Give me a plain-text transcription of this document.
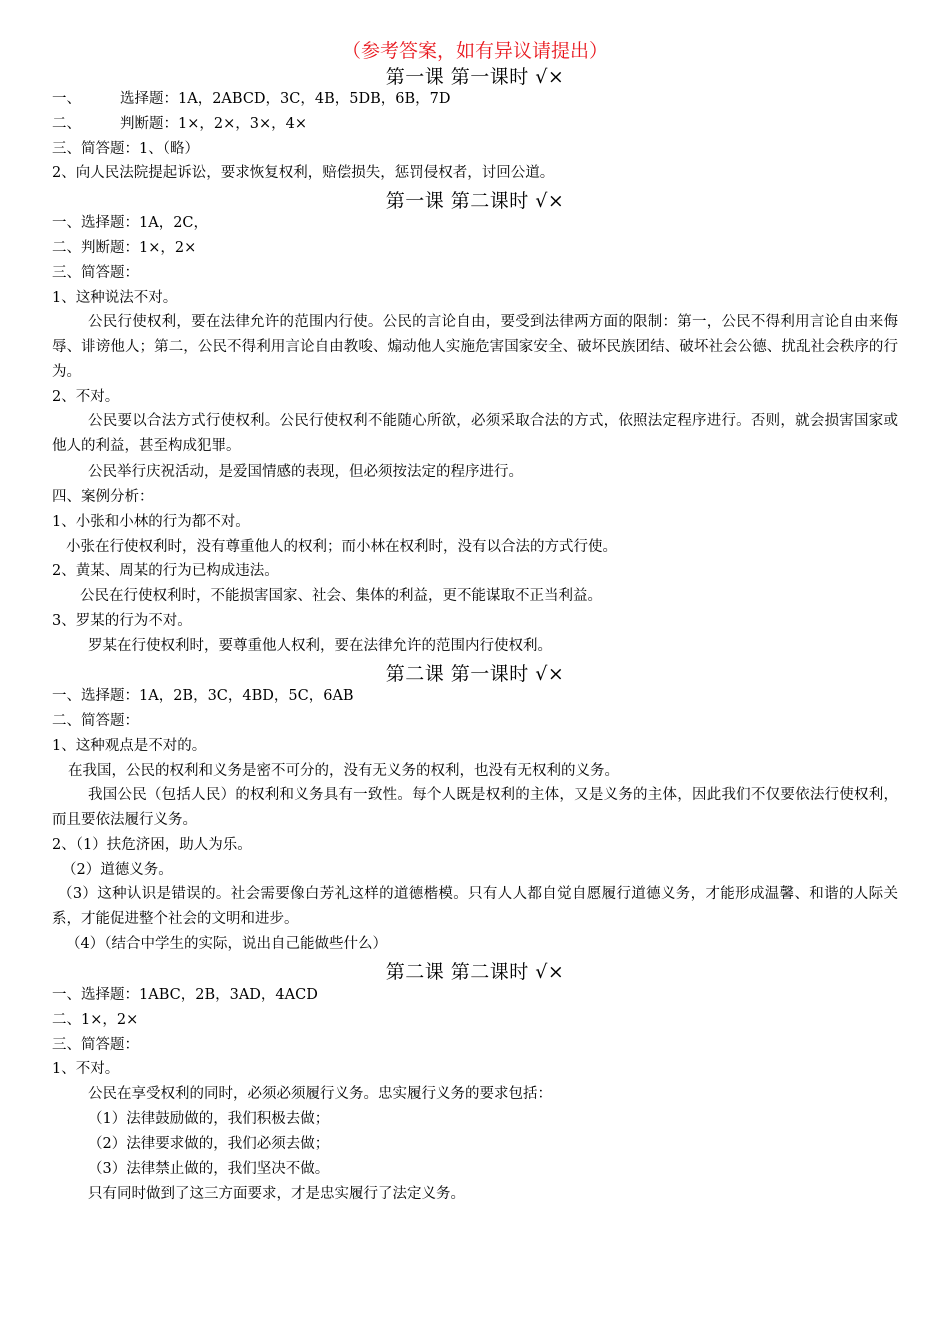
（参考答案，如有异议请提出）
第一课 第一课时 √×
一、	选择题：1A，2ABCD，3C，4B，5DB，6B，7D
二、	判断题：1×，2×，3×，4×
三、简答题：1、（略）
2、向人民法院提起诉讼，要求恢复权利，赔偿损失，惩罚侵权者，讨回公道。
第一课 第二课时 √×
一、选择题：1A，2C，
二、判断题：1×，2×
三、简答题：
1、这种说法不对。
公民行使权利，要在法律允许的范围内行使。公民的言论自由，要受到法律两方面的限制：第一，公民不得利用言论自由来侮辱、诽谤他人；第二，公民不得利用言论自由教唆、煽动他人实施危害国家安全、破坏民族团结、破坏社会公德、扰乱社会秩序的行为。
2、不对。
公民要以合法方式行使权利。公民行使权利不能随心所欲，必须采取合法的方式，依照法定程序进行。否则，就会损害国家或他人的利益，甚至构成犯罪。
公民举行庆祝活动，是爱国情感的表现，但必须按法定的程序进行。
四、案例分析：
1、小张和小林的行为都不对。
小张在行使权利时，没有尊重他人的权利；而小林在权利时，没有以合法的方式行使。
2、黄某、周某的行为已构成违法。
公民在行使权利时，不能损害国家、社会、集体的利益，更不能谋取不正当利益。
3、罗某的行为不对。
罗某在行使权利时，要尊重他人权利，要在法律允许的范围内行使权利。
第二课 第一课时 √×
一、选择题：1A，2B，3C，4BD，5C，6AB
二、简答题：
1、这种观点是不对的。
在我国，公民的权利和义务是密不可分的，没有无义务的权利，也没有无权利的义务。
我国公民（包括人民）的权利和义务具有一致性。每个人既是权利的主体，又是义务的主体，因此我们不仅要依法行使权利，而且要依法履行义务。
2、（1）扶危济困，助人为乐。
（2）道德义务。
（3）这种认识是错误的。社会需要像白芳礼这样的道德楷模。只有人人都自觉自愿履行道德义务，才能形成温馨、和谐的人际关系，才能促进整个社会的文明和进步。
（4）（结合中学生的实际，说出自己能做些什么）
第二课 第二课时 √×
一、选择题：1ABC，2B，3AD，4ACD
二、1×，2×
三、简答题：
1、不对。
公民在享受权利的同时，必须必须履行义务。忠实履行义务的要求包括：
（1）法律鼓励做的，我们积极去做；
（2）法律要求做的，我们必须去做；
（3）法律禁止做的，我们坚决不做。
只有同时做到了这三方面要求，才是忠实履行了法定义务。
